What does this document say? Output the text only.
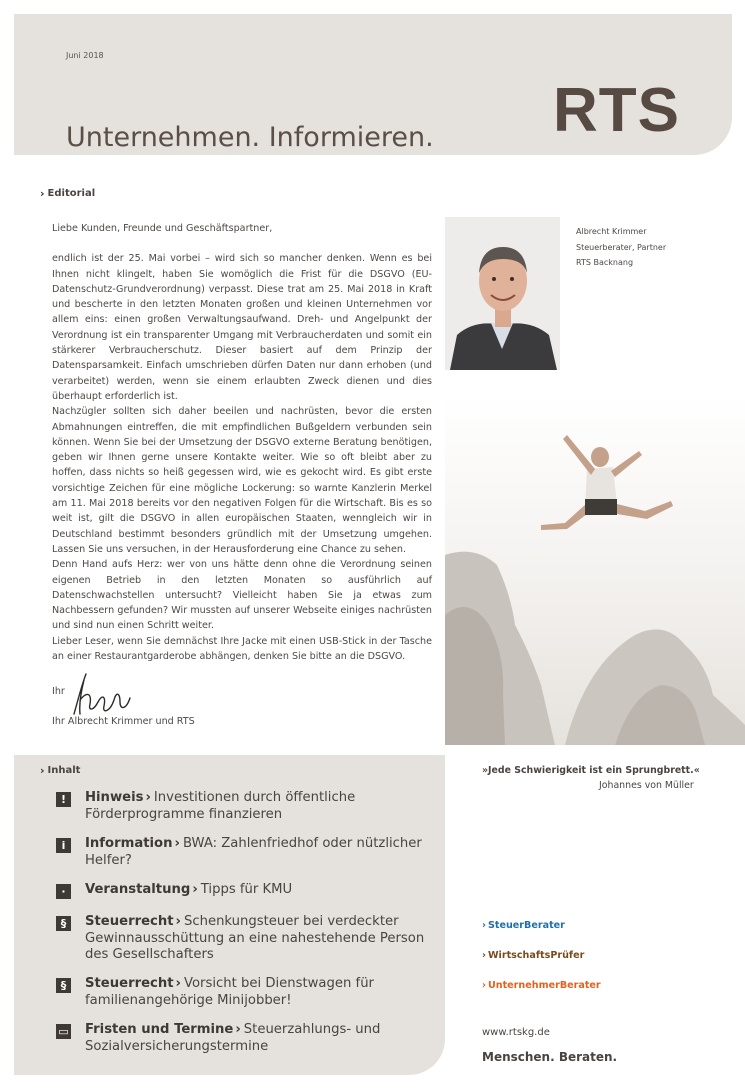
Juni 2018
RTS
Unternehmen. Informieren.
› Editorial

Liebe Kunden, Freunde und Geschäftspartner,

endlich ist der 25. Mai vorbei – wird sich so mancher denken. Wenn es bei Ihnen nicht klingelt, haben Sie womöglich die Frist für die DSGVO (EU-Datenschutz-Grundverordnung) verpasst. Diese trat am 25. Mai 2018 in Kraft und bescherte in den letzten Monaten großen und kleinen Unternehmen vor allem eins: einen großen Verwaltungsaufwand. Dreh- und Angelpunkt der Verordnung ist ein transparenter Umgang mit Verbraucherdaten und somit ein stärkerer Verbraucherschutz. Dieser basiert auf dem Prinzip der Datensparsamkeit. Einfach umschrieben dürfen Daten nur dann erhoben (und verarbeitet) werden, wenn sie einem erlaubten Zweck dienen und dies überhaupt erforderlich ist.

Nachzügler sollten sich daher beeilen und nachrüsten, bevor die ersten Abmahnungen eintreffen, die mit empfindlichen Bußgeldern verbunden sein können. Wenn Sie bei der Umsetzung der DSGVO externe Beratung benötigen, geben wir Ihnen gerne unsere Kontakte weiter. Wie so oft bleibt aber zu hoffen, dass nichts so heiß gegessen wird, wie es gekocht wird. Es gibt erste vorsichtige Zeichen für eine mögliche Lockerung: so warnte Kanzlerin Merkel am 11. Mai 2018 bereits vor den negativen Folgen für die Wirtschaft. Bis es so weit ist, gilt die DSGVO in allen europäischen Staaten, wenngleich wir in Deutschland bestimmt besonders gründlich mit der Umsetzung umgehen. Lassen Sie uns versuchen, in der Herausforderung eine Chance zu sehen.

Denn Hand aufs Herz: wer von uns hätte denn ohne die Verordnung seinen eigenen Betrieb in den letzten Monaten so ausführlich auf Datenschwachstellen untersucht? Vielleicht haben Sie ja etwas zum Nachbessern gefunden? Wir mussten auf unserer Webseite einiges nachrüsten und sind nun einen Schritt weiter.

Lieber Leser, wenn Sie demnächst Ihre Jacke mit einen USB-Stick in der Tasche an einer Restaurantgarderobe abhängen, denken Sie bitte an die DSGVO.

Ihr
Ihr Albrecht Krimmer und RTS
Albrecht Krimmer
Steuerberater, Partner
RTS Backnang
»Jede Schwierigkeit ist ein Sprungbrett.«
Johannes von Müller
› Inhalt
!	Hinweis › Investitionen durch öffentliche Förderprogramme finanzieren
i	Information › BWA: Zahlenfriedhof oder nützlicher Helfer?
·	Veranstaltung › Tipps für KMU
§	Steuerrecht › Schenkungsteuer bei verdeckter Gewinnausschüttung an eine nahestehende Person des Gesellschafters
§	Steuerrecht › Vorsicht bei Dienstwagen für familienangehörige Minijobber!
▭ Fristen und Termine › Steuerzahlungs- und Sozialversicherungstermine
› SteuerBerater
› WirtschaftsPrüfer
› UnternehmerBerater
www.rtskg.de
Menschen. Beraten.
